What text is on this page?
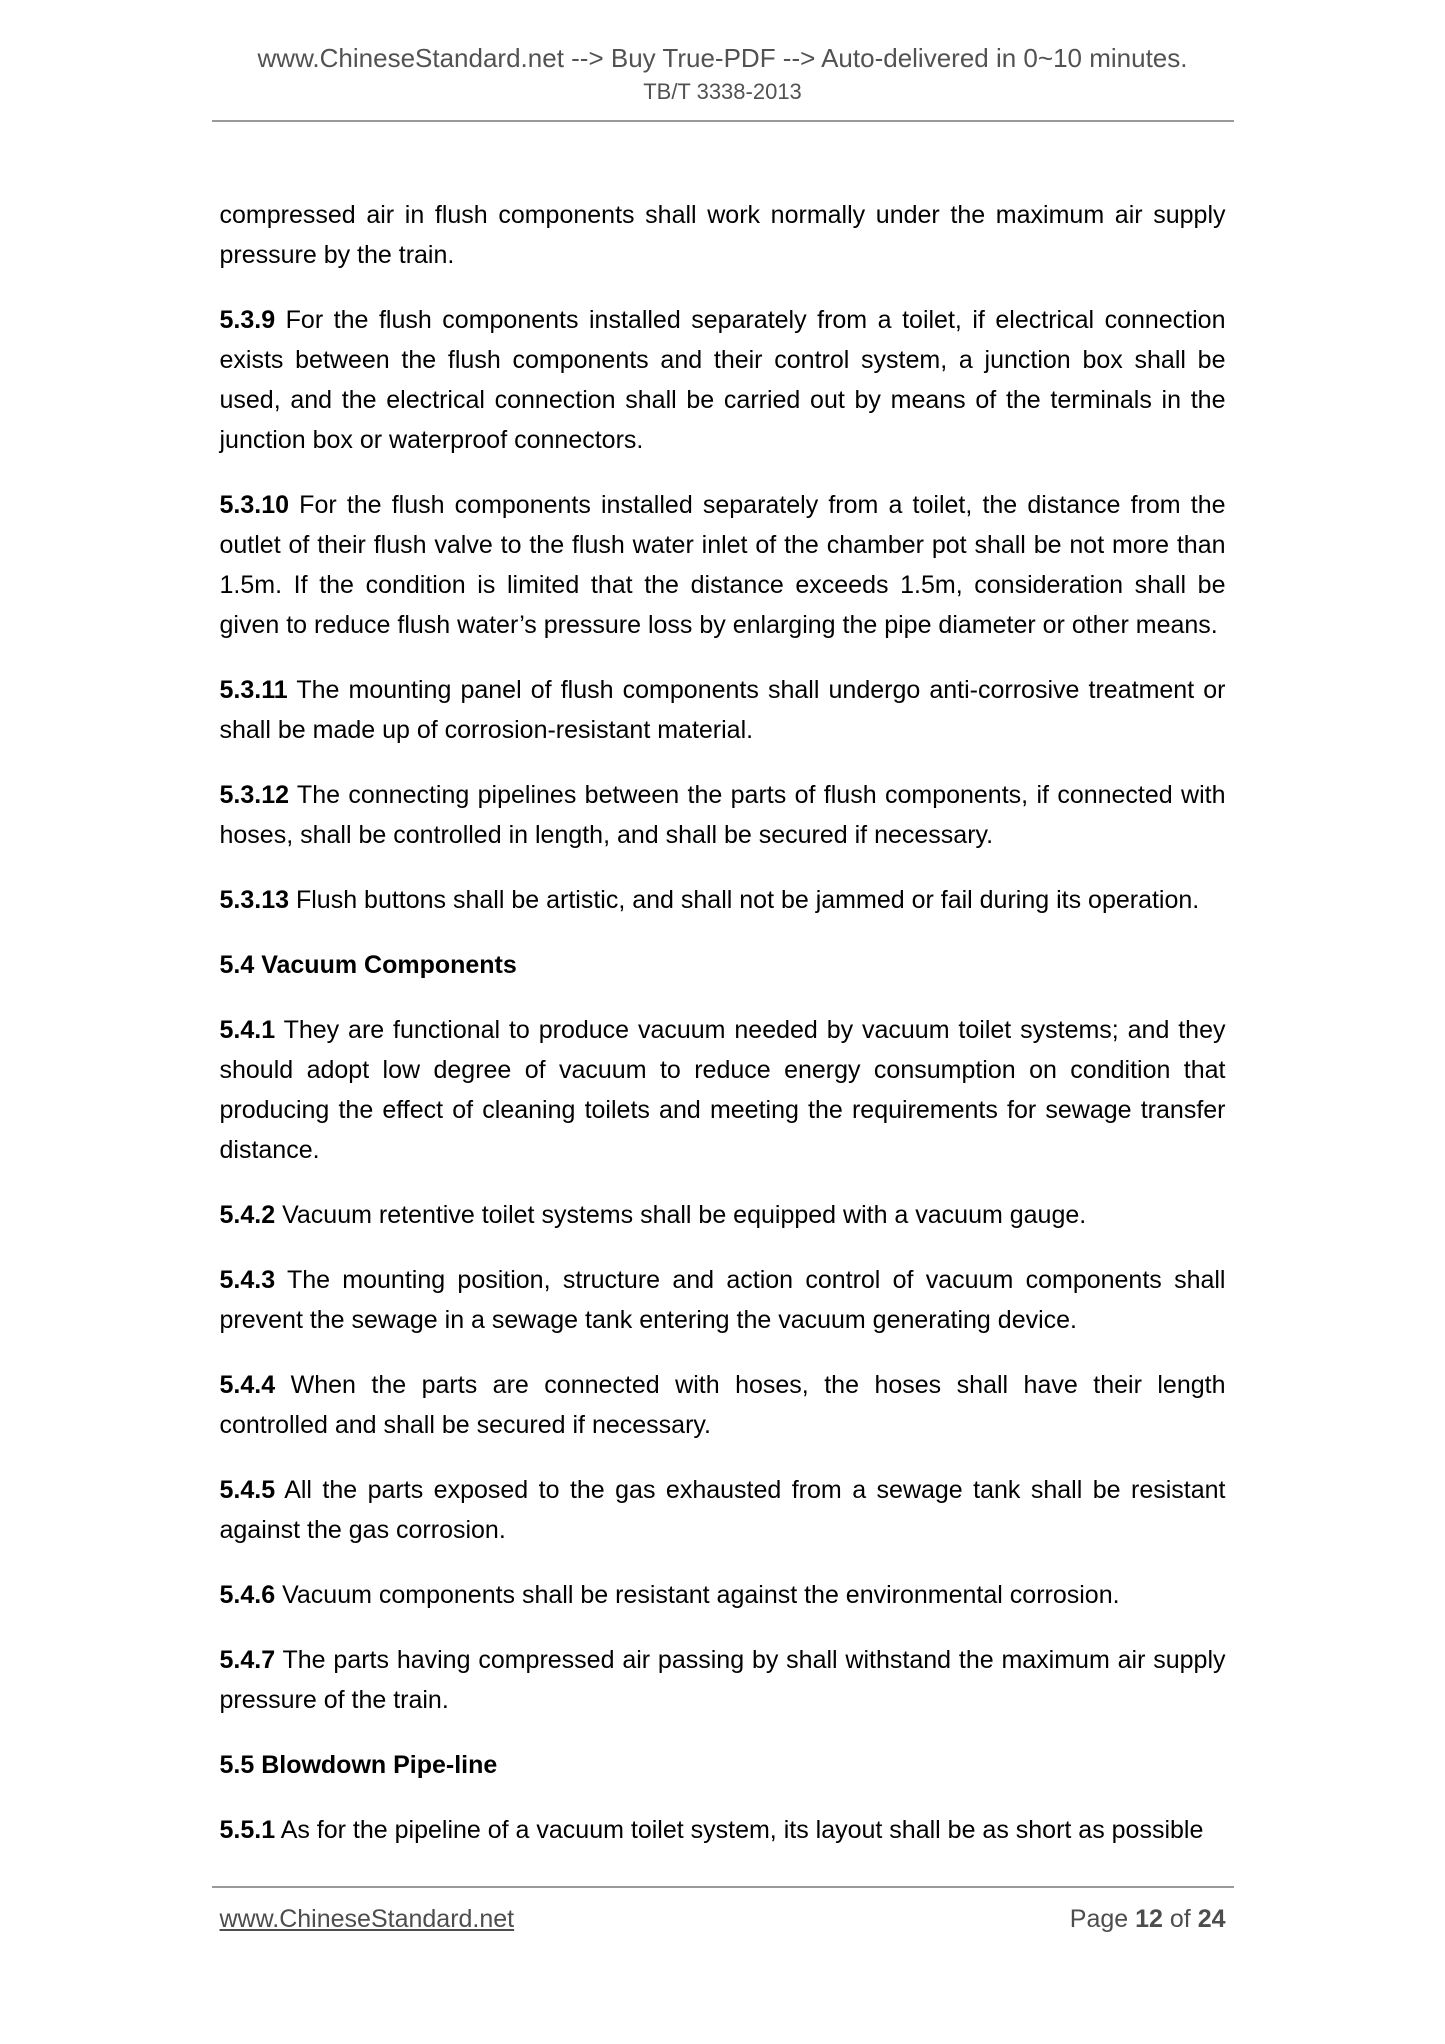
www.ChineseStandard.net --> Buy True-PDF --> Auto-delivered in 0~10 minutes.
TB/T 3338-2013

compressed air in flush components shall work normally under the maximum air supply pressure by the train.

5.3.9 For the flush components installed separately from a toilet, if electrical connection exists between the flush components and their control system, a junction box shall be used, and the electrical connection shall be carried out by means of the terminals in the junction box or waterproof connectors.

5.3.10 For the flush components installed separately from a toilet, the distance from the outlet of their flush valve to the flush water inlet of the chamber pot shall be not more than 1.5m. If the condition is limited that the distance exceeds 1.5m, consideration shall be given to reduce flush water’s pressure loss by enlarging the pipe diameter or other means.

5.3.11 The mounting panel of flush components shall undergo anti-corrosive treatment or shall be made up of corrosion-resistant material.

5.3.12 The connecting pipelines between the parts of flush components, if connected with hoses, shall be controlled in length, and shall be secured if necessary.

5.3.13 Flush buttons shall be artistic, and shall not be jammed or fail during its operation.

5.4 Vacuum Components

5.4.1 They are functional to produce vacuum needed by vacuum toilet systems; and they should adopt low degree of vacuum to reduce energy consumption on condition that producing the effect of cleaning toilets and meeting the requirements for sewage transfer distance.

5.4.2 Vacuum retentive toilet systems shall be equipped with a vacuum gauge.

5.4.3 The mounting position, structure and action control of vacuum components shall prevent the sewage in a sewage tank entering the vacuum generating device.

5.4.4 When the parts are connected with hoses, the hoses shall have their length controlled and shall be secured if necessary.

5.4.5 All the parts exposed to the gas exhausted from a sewage tank shall be resistant against the gas corrosion.

5.4.6 Vacuum components shall be resistant against the environmental corrosion.

5.4.7 The parts having compressed air passing by shall withstand the maximum air supply pressure of the train.

5.5 Blowdown Pipe-line

5.5.1 As for the pipeline of a vacuum toilet system, its layout shall be as short as possible

www.ChineseStandard.net	Page 12 of 24
